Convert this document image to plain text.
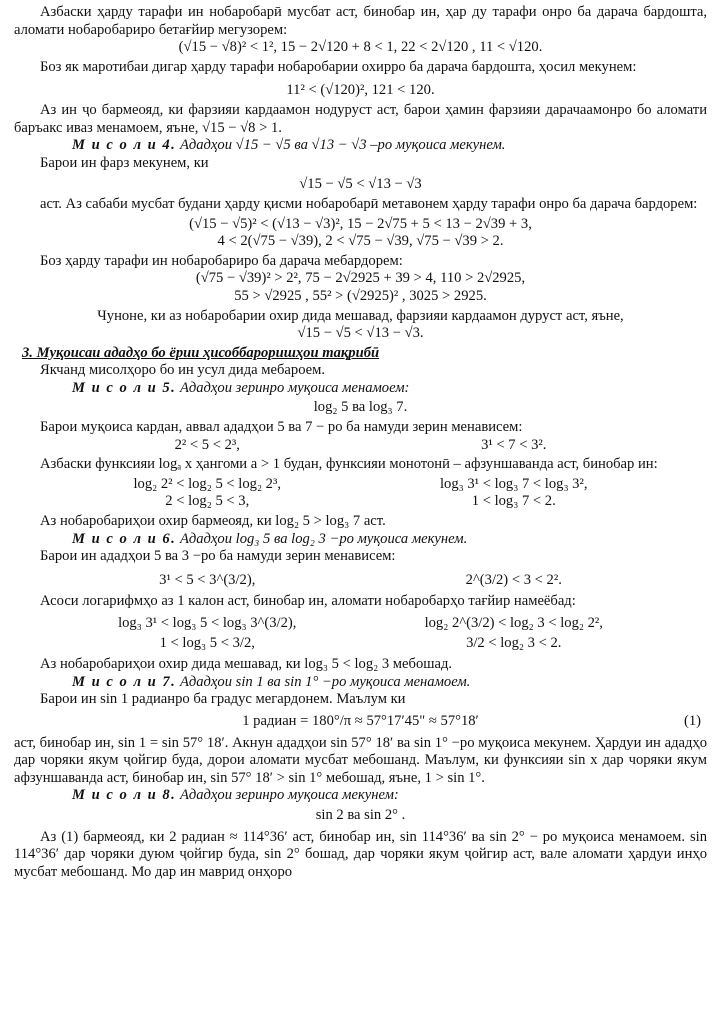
Азбаски ҳарду тарафи ин нобаробарӣ мусбат аст, бинобар ин, ҳар ду тарафи онро ба дарача бардошта, аломати нобаробариро бетағйир мегузорем:

(√15 − √8)² < 1², 15 − 2√120 + 8 < 1, 22 < 2√120 , 11 < √120.

Боз як маротибаи дигар ҳарду тарафи нобаробарии охирро ба дарача бардошта, ҳосил мекунем:

11² < (√120)², 121 < 120.

Аз ин ҷо бармеояд, ки фарзияи кардаамон нодуруст аст, барои ҳамин фарзияи дарачаамонро бо аломати баръакс иваз менамоем, яъне, √15 − √8 > 1.

М и с о л и 4. Ададҳои √15 − √5 ва √13 − √3 –ро муқоиса мекунем.

Барои ин фарз мекунем, ки

√15 − √5 < √13 − √3

аст. Аз сабаби мусбат будани ҳарду қисми нобаробарӣ метавонем ҳарду тарафи онро ба дарача бардорем:

(√15 − √5)² < (√13 − √3)², 15 − 2√75 + 5 < 13 − 2√39 + 3,

4 < 2(√75 − √39), 2 < √75 − √39, √75 − √39 > 2.

Боз ҳарду тарафи ин нобаробариро ба дарача мебардорем:

(√75 − √39)² > 2², 75 − 2√2925 + 39 > 4, 110 > 2√2925,

55 > √2925 , 55² > (√2925)² , 3025 > 2925.

Чуноне, ки аз нобаробарии охир дида мешавад, фарзияи кардаамон дуруст аст, яъне,

√15 − √5 < √13 − √3.

3. Муқоисаи ададҳо бо ёрии ҳисоббароришҳои тақрибӣ

Якчанд мисолҳоро бо ин усул дида мебароем.

М и с о л и 5. Ададҳои зеринро муқоиса менамоем:

log₂ 5 ва log₃ 7.

Барои муқоиса кардан, аввал ададҳои 5 ва 7 − ро ба намуди зерин менависем:

2² < 5 < 2³,	3¹ < 7 < 3².

Азбаски функсияи logₐ x ҳангоми a > 1 будан, функсияи монотонӣ – афзуншаванда аст, бинобар ин:

log₂ 2² < log₂ 5 < log₂ 2³,	log₃ 3¹ < log₃ 7 < log₃ 3²,
2 < log₂ 5 < 3,	1 < log₃ 7 < 2.

Аз нобаробариҳои охир бармеояд, ки log₂ 5 > log₃ 7 аст.

М и с о л и 6. Ададҳои log₃ 5 ва log₂ 3 −ро муқоиса мекунем.

Барои ин ададҳои 5 ва 3 −ро ба намуди зерин менависем:

3¹ < 5 < 3^(3/2),	2^(3/2) < 3 < 2².

Асоси логарифмҳо аз 1 калон аст, бинобар ин, аломати нобаробарҳо тағйир намеёбад:

log₃ 3¹ < log₃ 5 < log₃ 3^(3/2),	log₂ 2^(3/2) < log₂ 3 < log₂ 2²,
1 < log₃ 5 < 3/2,	3/2 < log₂ 3 < 2.

Аз нобаробариҳои охир дида мешавад, ки log₃ 5 < log₂ 3 мебошад.

М и с о л и 7. Ададҳои sin 1 ва sin 1° −ро муқоиса менамоем.

Барои ин sin 1 радианро ба градус мегардонем. Маълум ки

1 радиан = 180°/π ≈ 57°17′45" ≈ 57°18′	(1)

аст, бинобар ин, sin 1 = sin 57° 18′. Акнун ададҳои sin 57° 18′ ва sin 1° −ро муқоиса мекунем. Ҳардуи ин ададҳо дар чоряки якум ҷойгир буда, дорои аломати мусбат мебошанд. Маълум, ки функсияи sin x дар чоряки якум афзуншаванда аст, бинобар ин, sin 57° 18′ > sin 1° мебошад, яъне, 1 > sin 1°.

М и с о л и 8. Ададҳои зеринро муқоиса мекунем:

sin 2 ва sin 2° .

Аз (1) бармеояд, ки 2 радиан ≈ 114°36′ аст, бинобар ин, sin 114°36′ ва sin 2° − ро муқоиса менамоем. sin 114°36′ дар чоряки дуюм ҷойгир буда, sin 2° бошад, дар чоряки якум ҷойгир аст, вале аломати ҳардуи инҳо мусбат мебошанд. Мо дар ин маврид онҳоро
